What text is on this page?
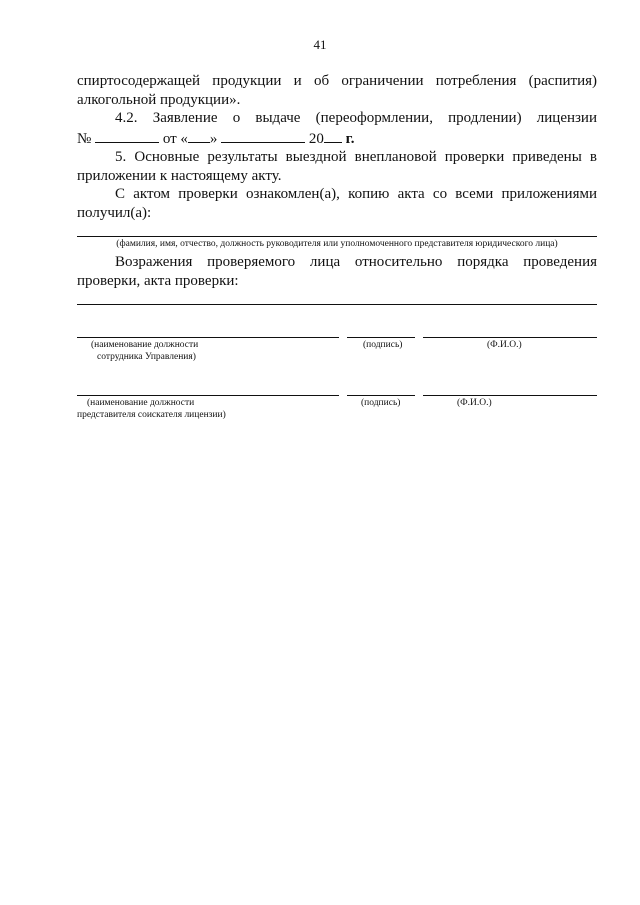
41

спиртосодержащей продукции и об ограничении потребления (распития)

алкогольной продукции».

4.2. Заявление о выдаче (переоформлении, продлении) лицензии

№	от « »	20 г.

5. Основные результаты выездной внеплановой проверки приведены в

приложении к настоящему акту.

С актом проверки ознакомлен(а), копию акта со всеми приложениями

получил(а):

(фамилия, имя, отчество, должность руководителя или уполномоченного представителя юридического лица)

Возражения проверяемого лица относительно порядка проведения

проверки, акта проверки:

(наименование должности
сотрудника Управления)
(подпись)	(Ф.И.О.)
(наименование должности
представителя соискателя лицензии)
(подпись)	(Ф.И.О.)
